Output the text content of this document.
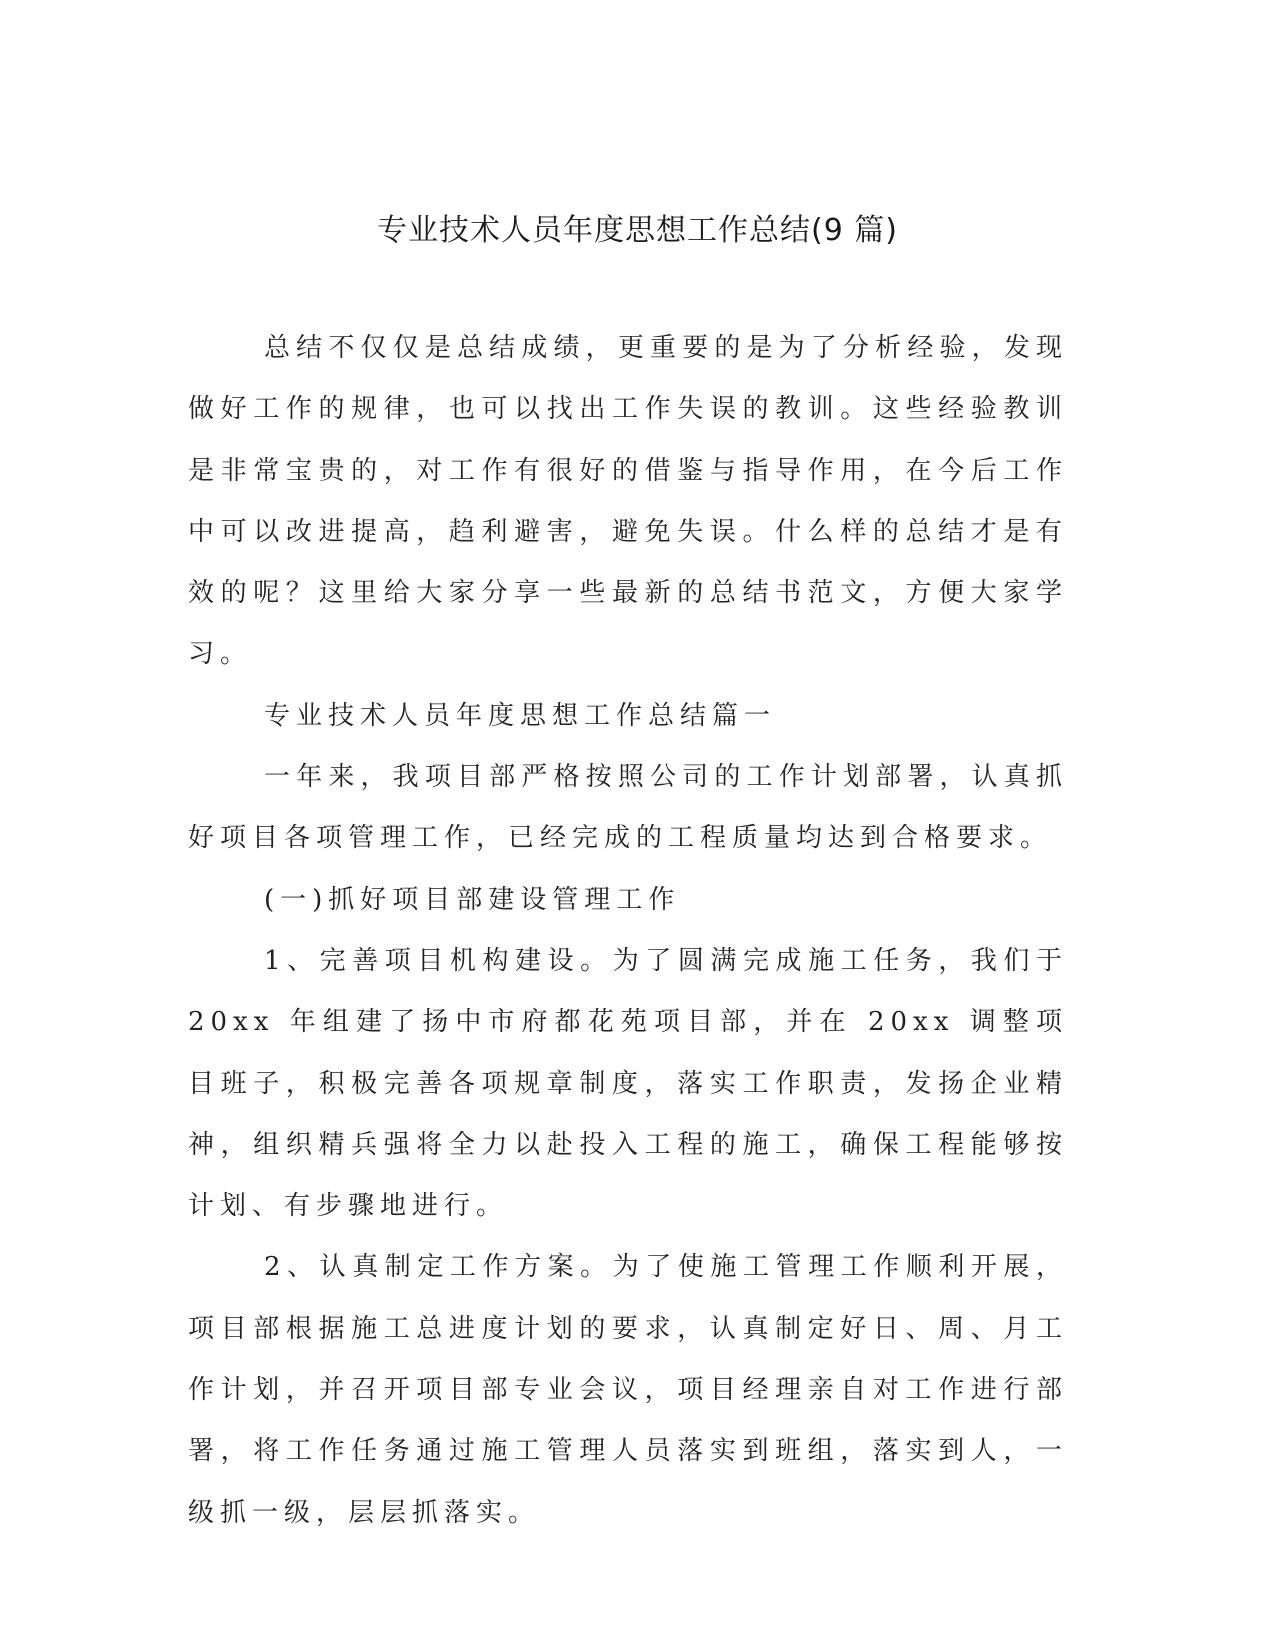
专业技术人员年度思想工作总结(9 篇)

总结不仅仅是总结成绩，更重要的是为了分析经验，发现做好工作的规律，也可以找出工作失误的教训。这些经验教训是非常宝贵的，对工作有很好的借鉴与指导作用，在今后工作中可以改进提高，趋利避害，避免失误。什么样的总结才是有效的呢？这里给大家分享一些最新的总结书范文，方便大家学习。

专业技术人员年度思想工作总结篇一

一年来，我项目部严格按照公司的工作计划部署，认真抓好项目各项管理工作，已经完成的工程质量均达到合格要求。

(一)抓好项目部建设管理工作

1、完善项目机构建设。为了圆满完成施工任务，我们于 20xx 年组建了扬中市府都花苑项目部，并在 20xx 调整项目班子，积极完善各项规章制度，落实工作职责，发扬企业精神，组织精兵强将全力以赴投入工程的施工，确保工程能够按计划、有步骤地进行。

2、认真制定工作方案。为了使施工管理工作顺利开展，项目部根据施工总进度计划的要求，认真制定好日、周、月工作计划，并召开项目部专业会议，项目经理亲自对工作进行部署，将工作任务通过施工管理人员落实到班组，落实到人，一级抓一级，层层抓落实。
